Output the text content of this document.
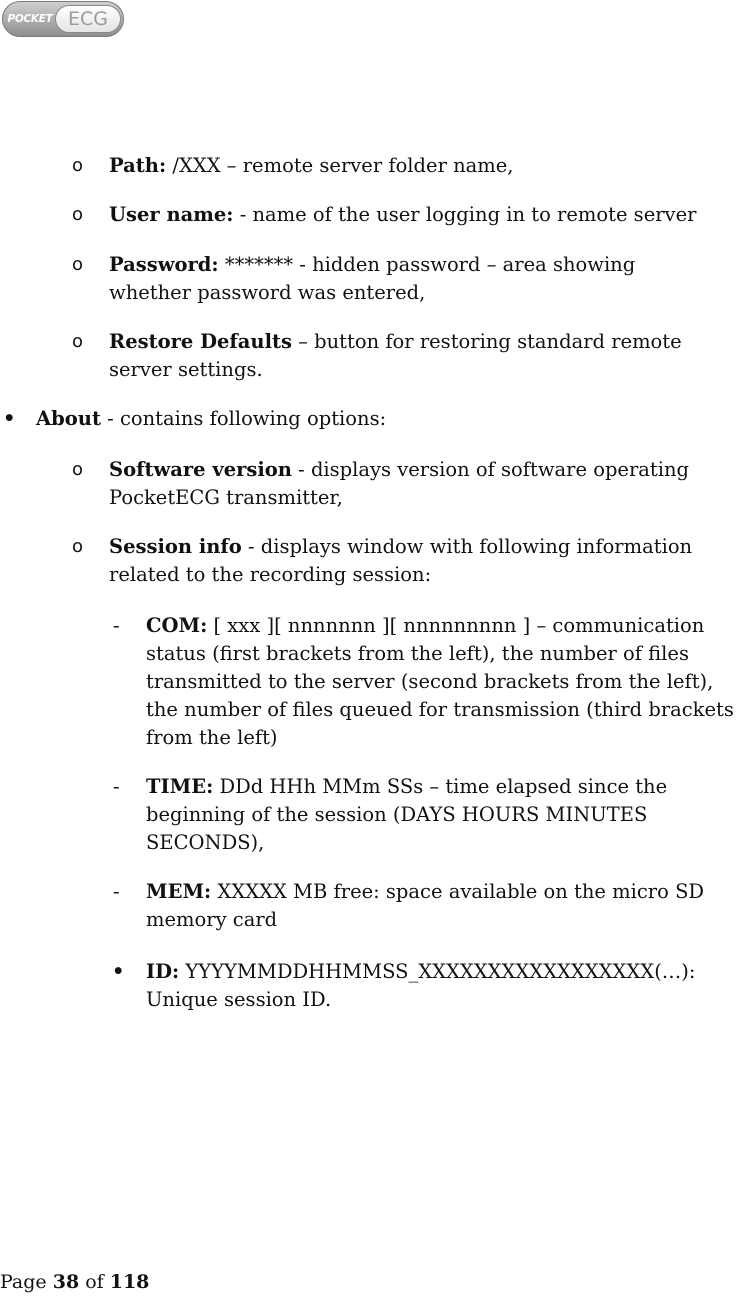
POCKET ECG
o Path: /XXX – remote server folder name,
o User name: - name of the user logging in to remote server
o Password: ******* - hidden password – area showing whether password was entered,
o Restore Defaults – button for restoring standard remote server settings.
• About - contains following options:
o Software version - displays version of software operating PocketECG transmitter,
o Session info - displays window with following information related to the recording session:
- COM: [ xxx ][ nnnnnnn ][ nnnnnnnnn ] – communication status (first brackets from the left), the number of files transmitted to the server (second brackets from the left), the number of files queued for transmission (third brackets from the left)
- TIME: DDd HHh MMm SSs – time elapsed since the beginning of the session (DAYS HOURS MINUTES SECONDS),
- MEM: XXXXX MB free: space available on the micro SD memory card
• ID: YYYYMMDDHHMMSS_XXXXXXXXXXXXXXXXX(…): Unique session ID.
Page 38 of 118
